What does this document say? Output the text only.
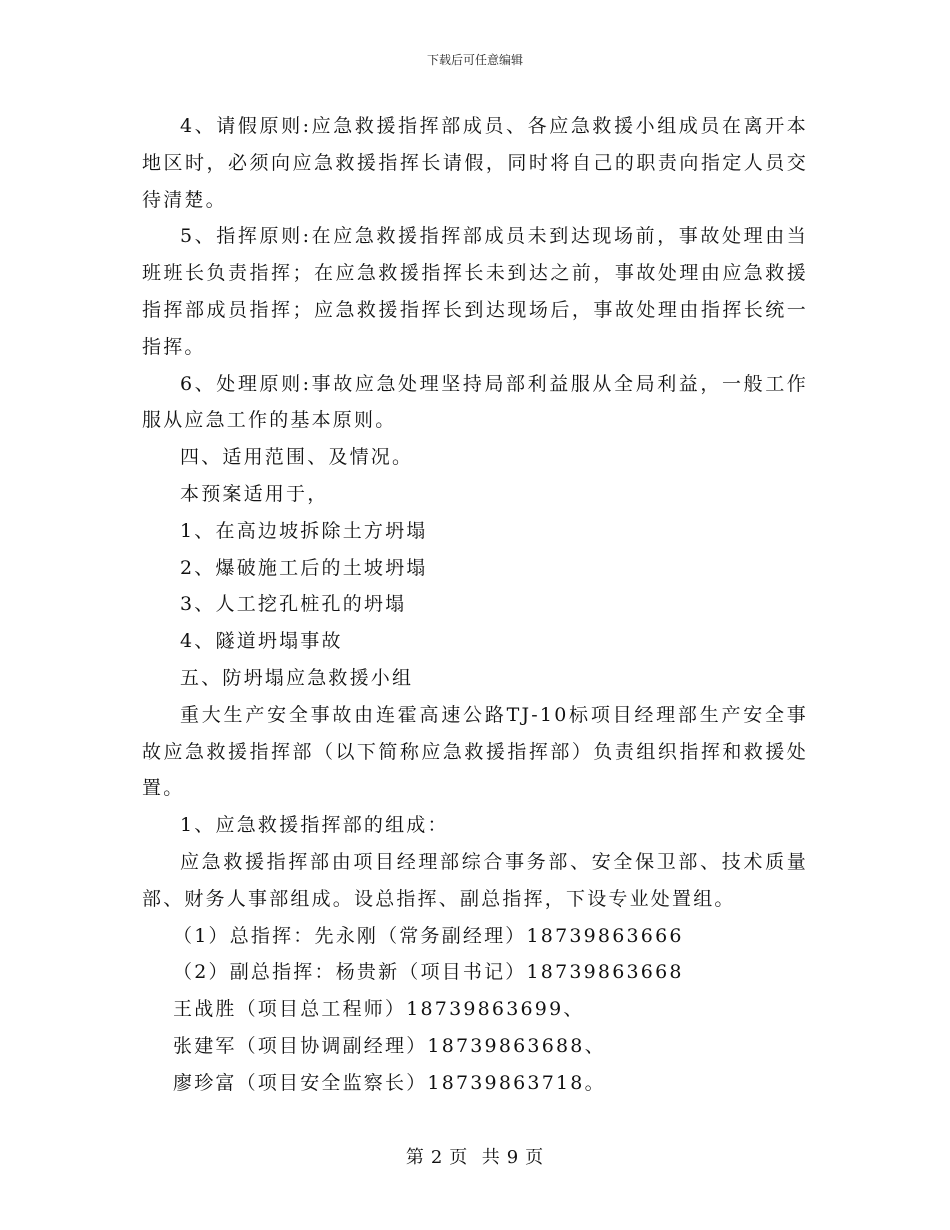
下载后可任意编辑

4、请假原则:应急救援指挥部成员、各应急救援小组成员在离开本地区时，必须向应急救援指挥长请假，同时将自己的职责向指定人员交待清楚。

5、指挥原则:在应急救援指挥部成员未到达现场前，事故处理由当班班长负责指挥；在应急救援指挥长未到达之前，事故处理由应急救援指挥部成员指挥；应急救援指挥长到达现场后，事故处理由指挥长统一指挥。

6、处理原则:事故应急处理坚持局部利益服从全局利益，一般工作服从应急工作的基本原则。

四、适用范围、及情况。

本预案适用于，

1、在高边坡拆除土方坍塌

2、爆破施工后的土坡坍塌

3、人工挖孔桩孔的坍塌

4、隧道坍塌事故

五、防坍塌应急救援小组

重大生产安全事故由连霍高速公路TJ-10标项目经理部生产安全事故应急救援指挥部（以下简称应急救援指挥部）负责组织指挥和救援处置。

1、应急救援指挥部的组成：

应急救援指挥部由项目经理部综合事务部、安全保卫部、技术质量部、财务人事部组成。设总指挥、副总指挥，下设专业处置组。

（1）总指挥：先永刚（常务副经理）18739863666

（2）副总指挥：杨贵新（项目书记）18739863668

王战胜（项目总工程师）18739863699、

张建军（项目协调副经理）18739863688、

廖珍富（项目安全监察长）18739863718。

第 2 页  共 9 页
